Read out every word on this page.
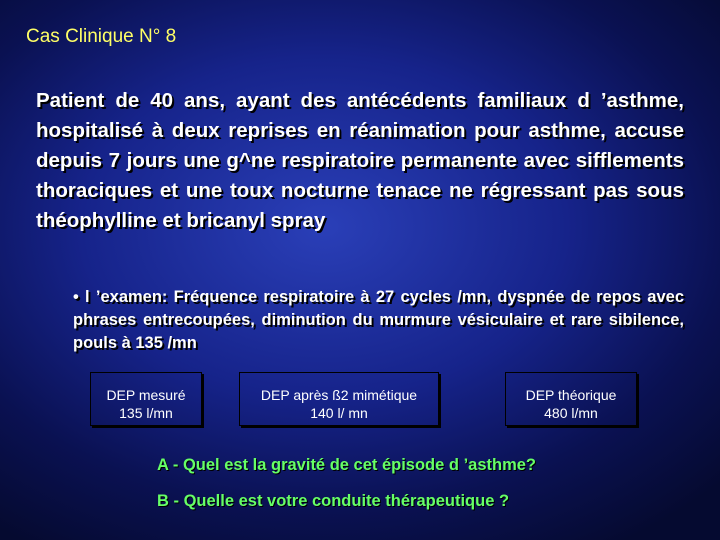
Cas Clinique N° 8
Patient de 40 ans, ayant des antécédents familiaux d ’asthme, hospitalisé à deux reprises en réanimation pour asthme, accuse depuis 7 jours une g^ne respiratoire permanente avec sifflements thoraciques et une toux nocturne tenace ne régressant pas sous théophylline et bricanyl spray
• l ’examen: Fréquence respiratoire à 27 cycles /mn, dyspnée de repos avec phrases entrecoupées, diminution du murmure vésiculaire et rare sibilence, pouls à 135 /mn
DEP mesuré
135 l/mn
DEP après ß2 mimétique
140 l/ mn
DEP théorique
480 l/mn
A - Quel est la gravité de cet épisode d ’asthme?
B - Quelle est votre conduite thérapeutique ?
